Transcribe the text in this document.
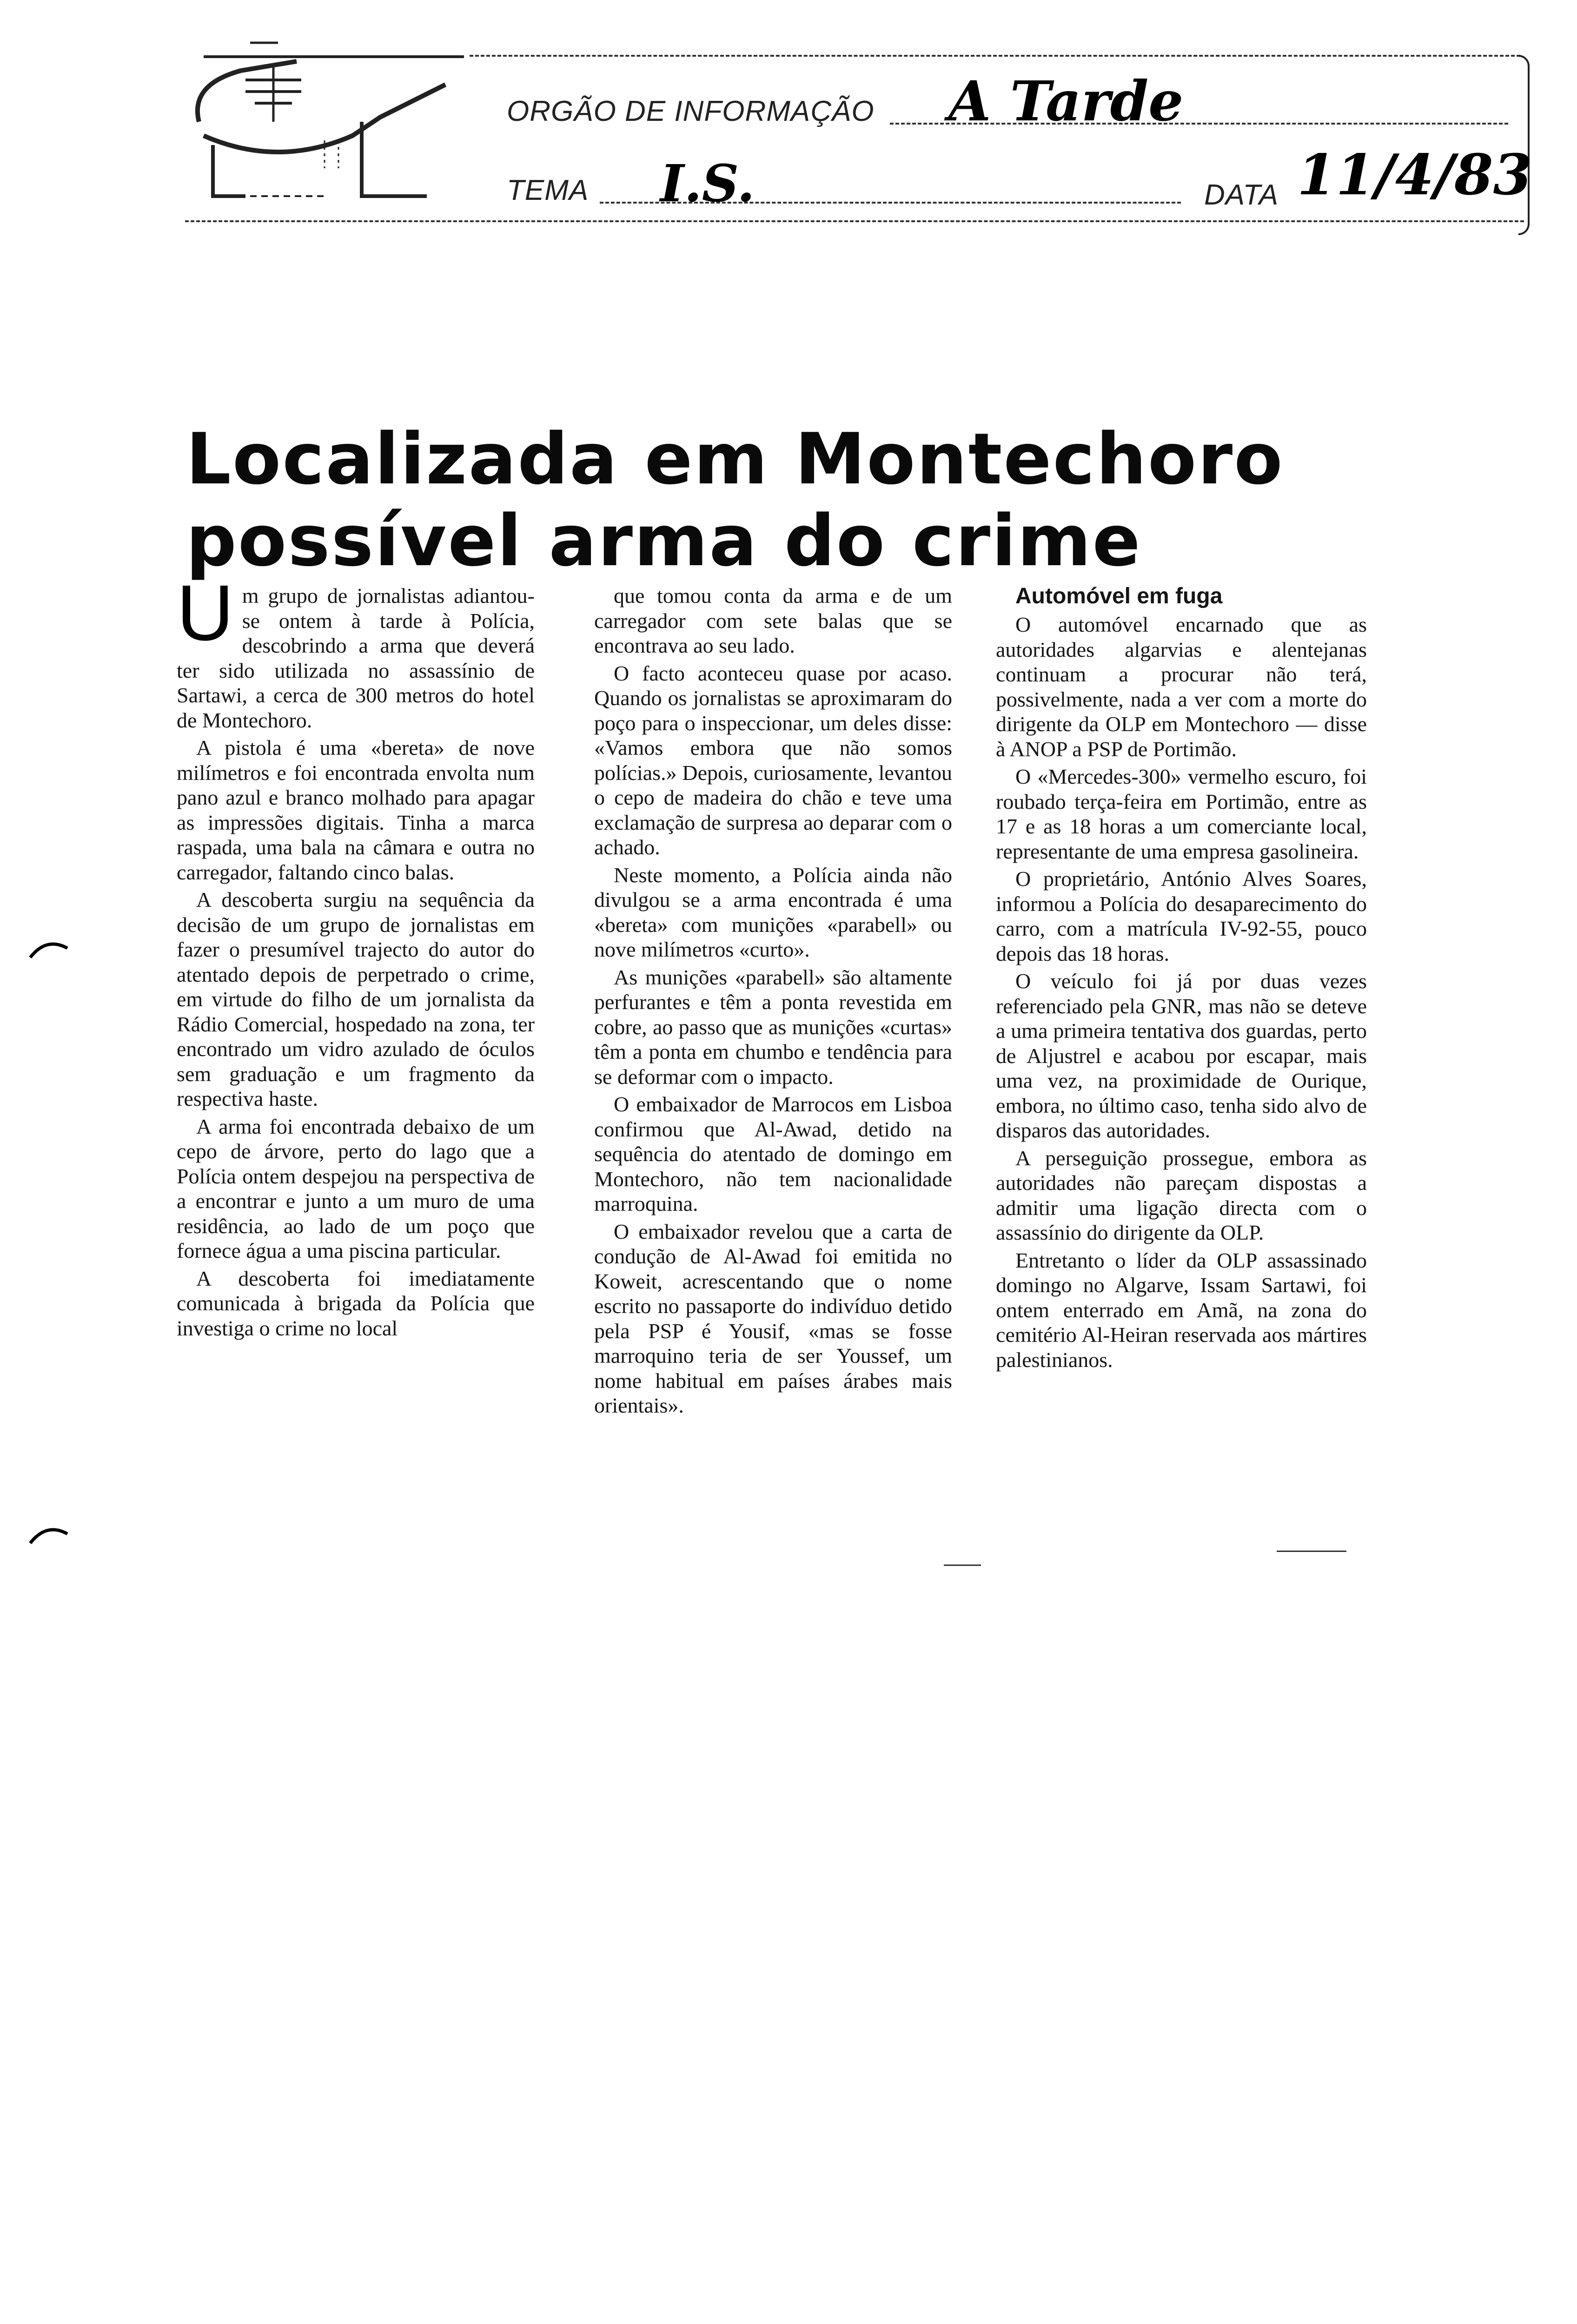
ORGÃO DE INFORMAÇÃO A Tarde
TEMA I.S.	DATA 11/4/83
Localizada em Montechoro
possível arma do crime

Um grupo de jornalistas adiantou-se ontem à tarde à Polícia, descobrindo a arma que deverá ter sido utilizada no assassínio de Sartawi, a cerca de 300 metros do hotel de Montechoro.

A pistola é uma «bereta» de nove milímetros e foi encontrada envolta num pano azul e branco molhado para apagar as impressões digitais. Tinha a marca raspada, uma bala na câmara e outra no carregador, faltando cinco balas.

A descoberta surgiu na sequência da decisão de um grupo de jornalistas em fazer o presumível trajecto do autor do atentado depois de perpetrado o crime, em virtude do filho de um jornalista da Rádio Comercial, hospedado na zona, ter encontrado um vidro azulado de óculos sem graduação e um fragmento da respectiva haste.

A arma foi encontrada debaixo de um cepo de árvore, perto do lago que a Polícia ontem despejou na perspectiva de a encontrar e junto a um muro de uma residência, ao lado de um poço que fornece água a uma piscina particular.

A descoberta foi imediatamente comunicada à brigada da Polícia que investiga o crime no local

que tomou conta da arma e de um carregador com sete balas que se encontrava ao seu lado.

O facto aconteceu quase por acaso. Quando os jornalistas se aproximaram do poço para o inspeccionar, um deles disse: «Vamos embora que não somos polícias.» Depois, curiosamente, levantou o cepo de madeira do chão e teve uma exclamação de surpresa ao deparar com o achado.

Neste momento, a Polícia ainda não divulgou se a arma encontrada é uma «bereta» com munições «parabell» ou nove milímetros «curto».

As munições «parabell» são altamente perfurantes e têm a ponta revestida em cobre, ao passo que as munições «curtas» têm a ponta em chumbo e tendência para se deformar com o impacto.

O embaixador de Marrocos em Lisboa confirmou que Al-Awad, detido na sequência do atentado de domingo em Montechoro, não tem nacionalidade marroquina.

O embaixador revelou que a carta de condução de Al-Awad foi emitida no Koweit, acrescentando que o nome escrito no passaporte do indivíduo detido pela PSP é Yousif, «mas se fosse marroquino teria de ser Youssef, um nome habitual em países árabes mais orientais».

Automóvel em fuga

O automóvel encarnado que as autoridades algarvias e alentejanas continuam a procurar não terá, possivelmente, nada a ver com a morte do dirigente da OLP em Montechoro — disse à ANOP a PSP de Portimão.

O «Mercedes-300» vermelho escuro, foi roubado terça-feira em Portimão, entre as 17 e as 18 horas a um comerciante local, representante de uma empresa gasolineira.

O proprietário, António Alves Soares, informou a Polícia do desaparecimento do carro, com a matrícula IV-92-55, pouco depois das 18 horas.

O veículo foi já por duas vezes referenciado pela GNR, mas não se deteve a uma primeira tentativa dos guardas, perto de Aljustrel e acabou por escapar, mais uma vez, na proximidade de Ourique, embora, no último caso, tenha sido alvo de disparos das autoridades.

A perseguição prossegue, embora as autoridades não pareçam dispostas a admitir uma ligação directa com o assassínio do dirigente da OLP.

Entretanto o líder da OLP assassinado domingo no Algarve, Issam Sartawi, foi ontem enterrado em Amã, na zona do cemitério Al-Heiran reservada aos mártires palestinianos.
